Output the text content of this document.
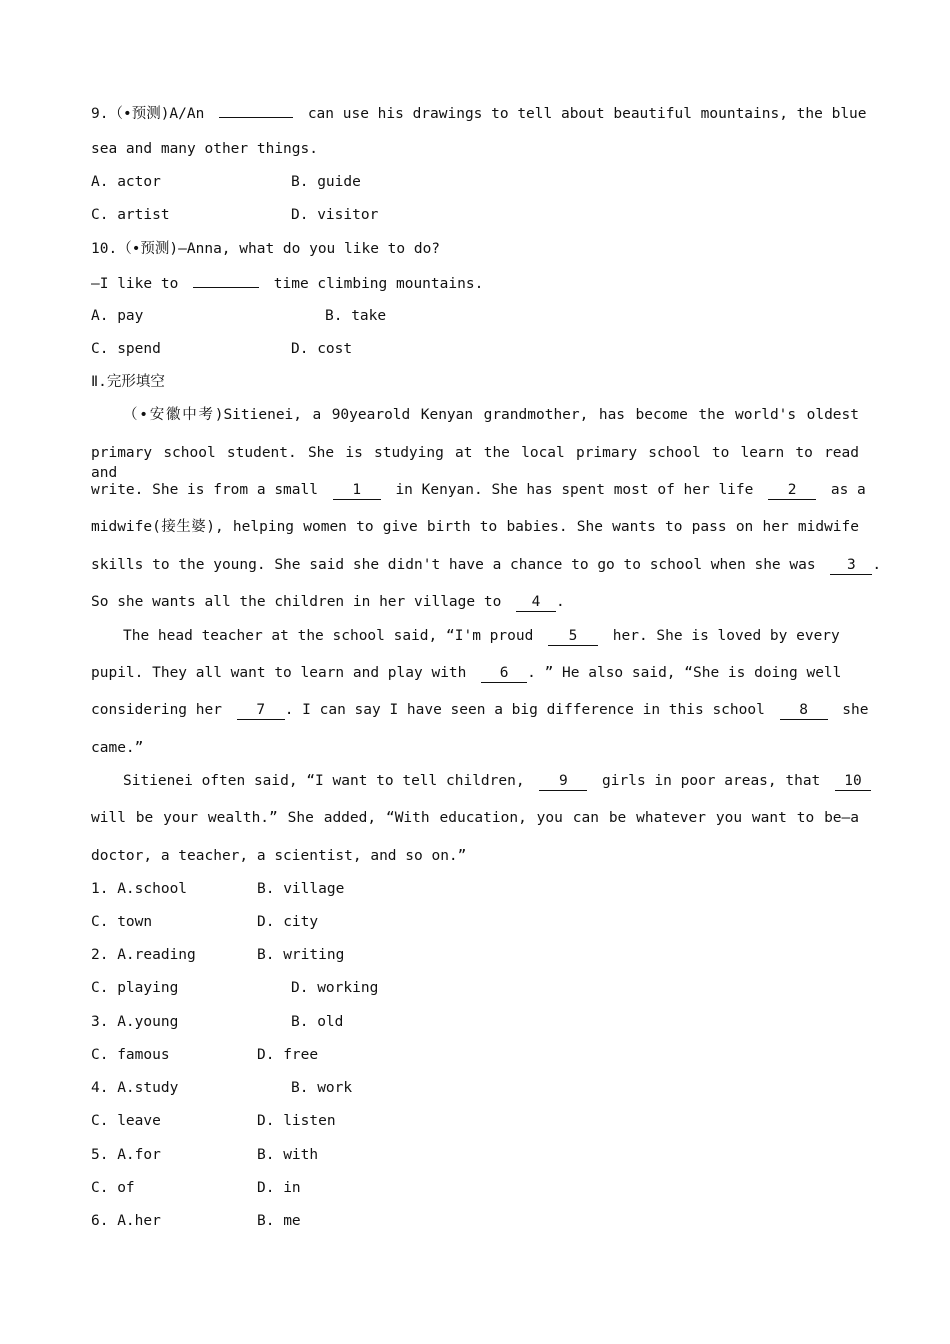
9.（•预测)A/An	can use his drawings to tell about beautiful mountains, the blue
sea and many other things.
A. actor	B. guide
C. artist	D. visitor
10.（•预测)—Anna, what do you like to do?
—I like to	time climbing mountains.
A. pay	B. take
C. spend	D. cost
Ⅱ.完形填空
（•安徽中考)Sitienei, a 90yearold Kenyan grandmother, has become the world's oldest
primary school student. She is studying at the local primary school to learn to read and
write. She is from a small 1 in Kenyan. She has spent most of her life 2 as a
midwife(接生婆), helping women to give birth to babies. She wants to pass on her midwife
skills to the young. She said she didn't have a chance to go to school when she was 3 .
So she wants all the children in her village to 4 .
The head teacher at the school said, “I'm proud 5 her. She is loved by every
pupil. They all want to learn and play with 6 . ” He also said, “She is doing well
considering her 7 . I can say I have seen a big difference in this school 8 she
came.”
Sitienei often said, “I want to tell children, 9 girls in poor areas, that 10
will be your wealth.” She added, “With education, you can be whatever you want to be—a
doctor, a teacher, a scientist, and so on.”
1. A.school	B. village
C. town	D. city
2. A.reading	B. writing
C. playing	D. working
3. A.young	B. old
C. famous	D. free
4. A.study	B. work
C. leave	D. listen
5. A.for	B. with
C. of	D. in
6. A.her	B. me
